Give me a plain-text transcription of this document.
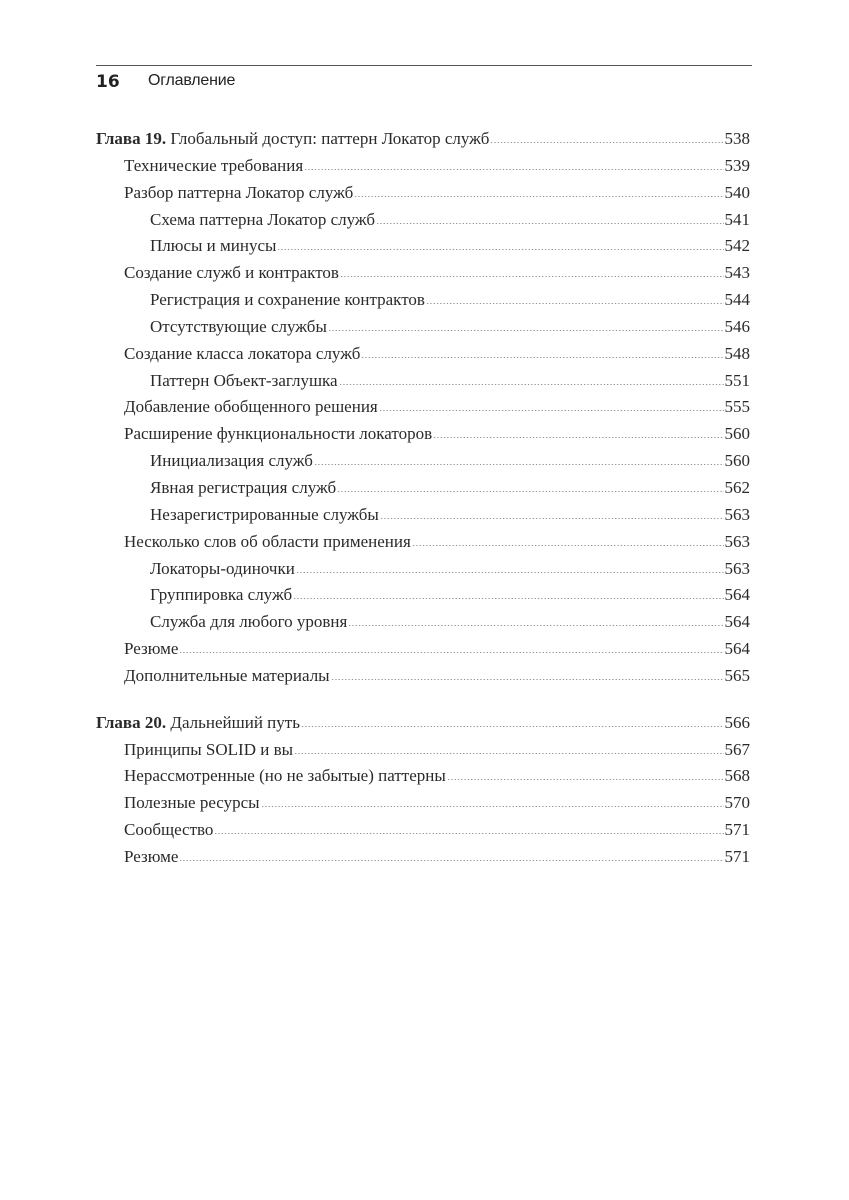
16 Оглавление
Глава 19. Глобальный доступ: паттерн Локатор служб	538
Технические требования	539
Разбор паттерна Локатор служб	540
Схема паттерна Локатор служб	541
Плюсы и минусы	542
Создание служб и контрактов	543
Регистрация и сохранение контрактов	544
Отсутствующие службы	546
Создание класса локатора служб	548
Паттерн Объект-заглушка	551
Добавление обобщенного решения	555
Расширение функциональности локаторов	560
Инициализация служб	560
Явная регистрация служб	562
Незарегистрированные службы	563
Несколько слов об области применения	563
Локаторы-одиночки	563
Группировка служб	564
Служба для любого уровня	564
Резюме	564
Дополнительные материалы	565
Глава 20. Дальнейший путь	566
Принципы SOLID и вы	567
Нерассмотренные (но не забытые) паттерны	568
Полезные ресурсы	570
Сообщество	571
Резюме	571
